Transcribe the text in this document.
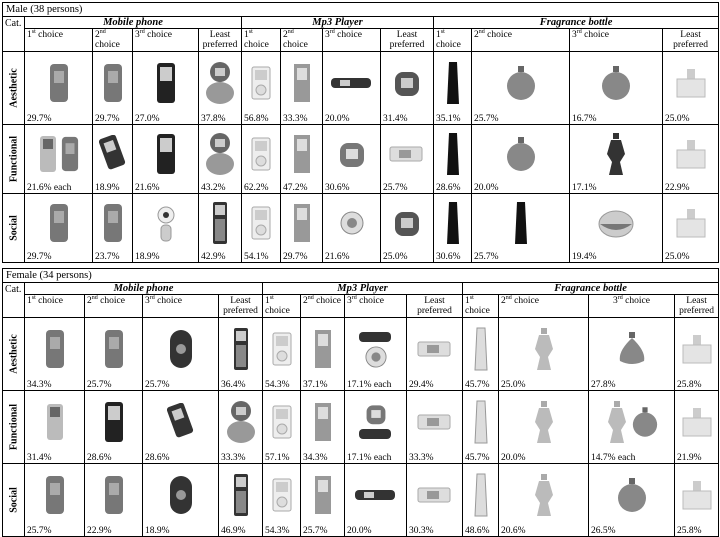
Male (38 persons)												
Cat.	Mobile phone				Mp3 Player				Fragrance bottle			
	1st choice	2nd choice	3rd choice	Least preferred	1st choice	2nd choice	3rd choice	Least preferred	1st choice	2nd choice	3rd choice	Least preferred

Aesthetic

	29.7%	29.7%	27.0%	37.8%	56.8%	33.3%	20.0%	31.4%	35.1%	25.7%	16.7%	25.0%

Functional

	21.6% each	18.9%	21.6%	43.2%	62.2%	47.2%	30.6%	25.7%	28.6%	20.0%	17.1%	22.9%

Social

	29.7%	23.7%	18.9%	42.9%	54.1%	29.7%	21.6%	25.0%	30.6%	25.7%	19.4%	25.0%
Female (34 persons)												
Cat.	Mobile phone				Mp3 Player				Fragrance bottle			
	1st choice	2nd choice	3rd choice	Least preferred	1st choice	2nd choice	3rd choice	Least preferred	1st choice	2nd choice	3rd choice	Least preferred

Aesthetic

	34.3%	25.7%	25.7%	36.4%	54.3%	37.1%	17.1% each	29.4%	45.7%	25.0%	27.8%	25.8%

Functional

	31.4%	28.6%	28.6%	33.3%	57.1%	34.3%	17.1% each	33.3%	45.7%	20.0%	14.7% each	21.9%

Social

	25.7%	22.9%	18.9%	46.9%	54.3%	25.7%	20.0%	30.3%	48.6%	20.6%	26.5%	25.8%
